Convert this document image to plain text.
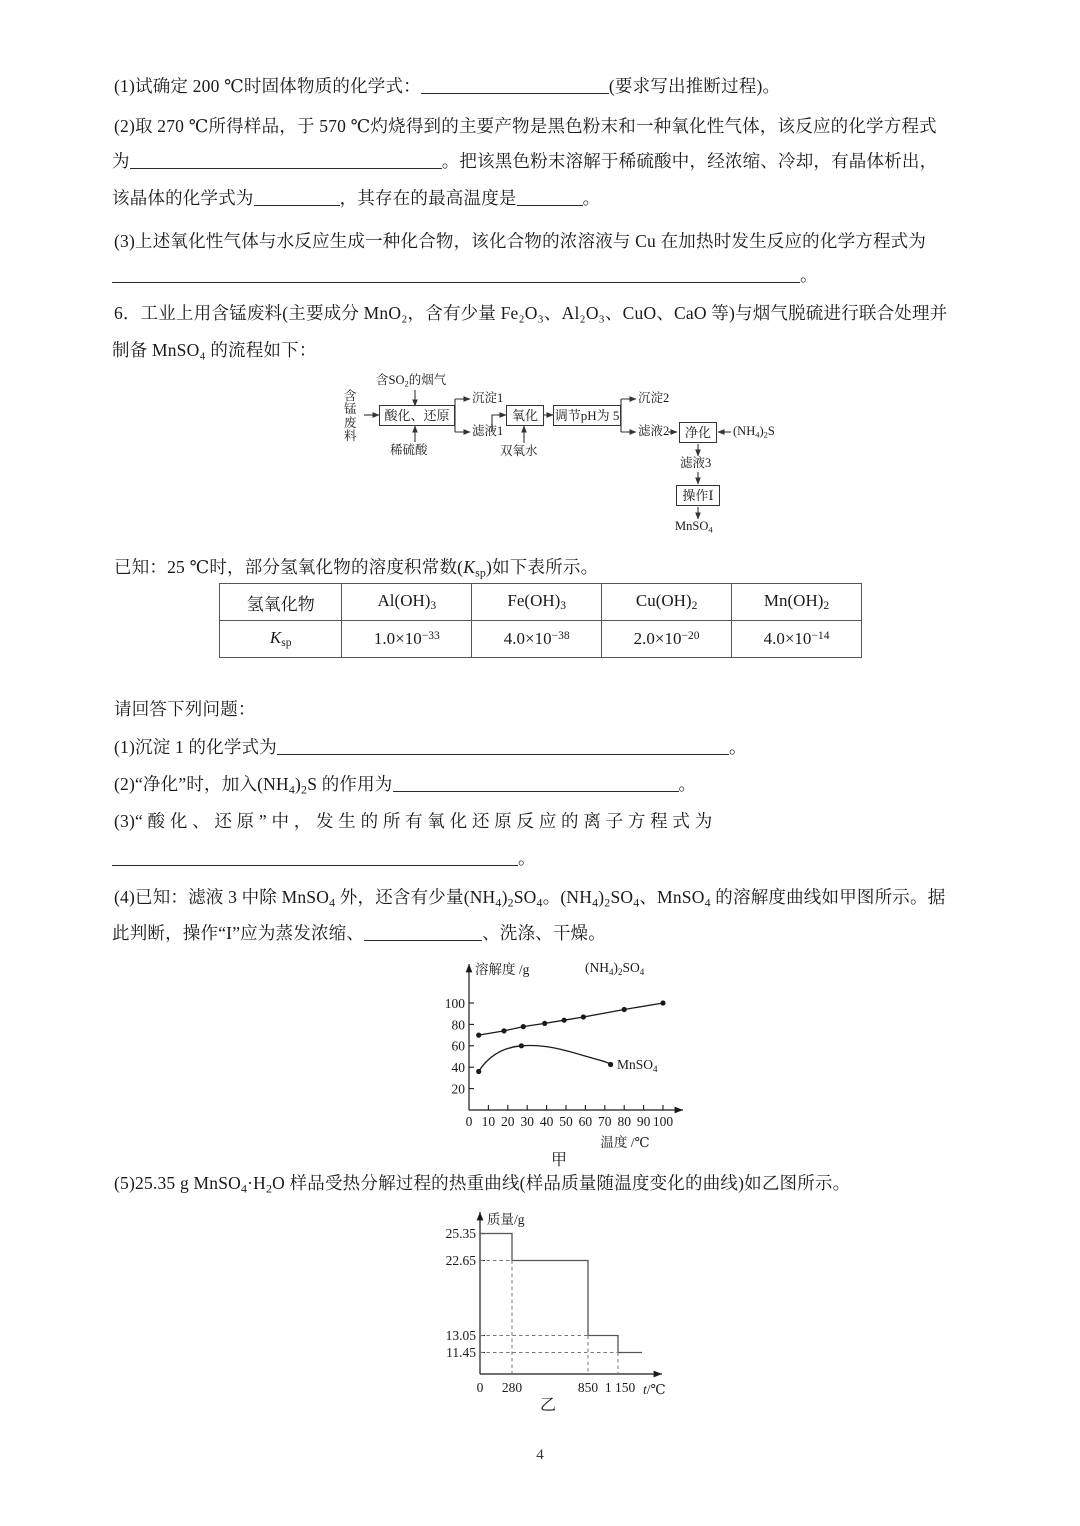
(1)试确定 200 ℃时固体物质的化学式：	(要求写出推断过程)。
(2)取 270 ℃所得样品，于 570 ℃灼烧得到的主要产物是黑色粉末和一种氧化性气体，该反应的化学方程式
为	。把该黑色粉末溶解于稀硫酸中，经浓缩、冷却，有晶体析出，
该晶体的化学式为	，其存在的最高温度是	。
(3)上述氧化性气体与水反应生成一种化合物，该化合物的浓溶液与 Cu 在加热时发生反应的化学方程式为
。
6．工业上用含锰废料(主要成分 MnO₂，含有少量 Fe₂O₃、Al₂O₃、CuO、CaO 等)与烟气脱硫进行联合处理并
制备 MnSO₄ 的流程如下：
含锰废料
含$SO_2$的烟气
酸化、还原
稀硫酸
沉淀1
滤液1
氧化
双氧水
调节pH为 5
沉淀2
滤液2	净化	$(NH_4)_2S$
滤液3
操作Ⅰ
MnSO$_4$
已知：25 ℃时，部分氢氧化物的溶度积常数$(K_{sp})$如下表所示。
氢氧化物	$Al(OH)_3$	$Fe(OH)_3$	$Cu(OH)_2$	$Mn(OH)_2$
$K_{sp}$	$1.0\times 10^{-33}$	$4.0\times 10^{-38}$	$2.0\times 10^{-20}$	$4.0\times 10^{-14}$
请回答下列问题：
(1)沉淀 1 的化学式为	。
(2)“净化”时，加入$(NH_4)_2S$ 的作用为	。
(3)“ 酸 化 、 还 原 ” 中 ， 发 生 的 所 有 氧 化 还 原 反 应 的 离 子 方 程 式 为
。
(4)已知：滤液 3 中除 MnSO$_4$ 外，还含有少量$(NH_4)_2SO_4$。$(NH_4)_2SO_4$、MnSO$_4$ 的溶解度曲线如甲图所示。据
此判断，操作“I”应为蒸发浓缩、	、洗涤、干燥。
20
40
60
80
100
0 10 20 30 40 50 60 70 80 90 100
溶解度 /g	$(NH_4)_2SO_4$
MnSO$_4$
温度 /℃
甲
(5)25.35 g $MnSO_4\cdot H_2O$ 样品受热分解过程的热重曲线(样品质量随温度变化的曲线)如乙图所示。
25.35
22.65
13.05
11.45
0 280	850 1 150 t/℃
质量/g
乙
4
